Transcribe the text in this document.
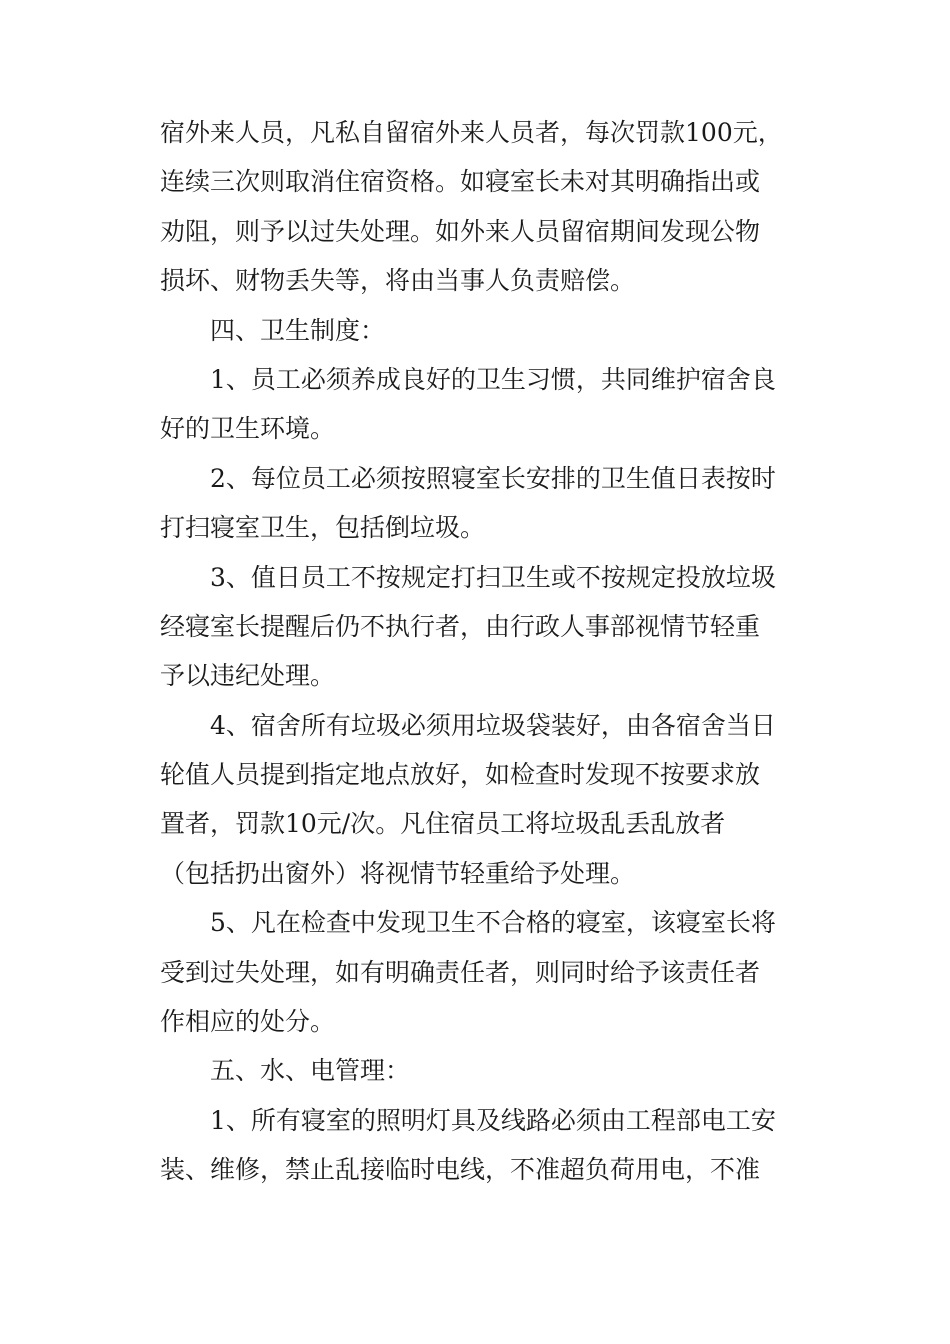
宿外来人员，凡私自留宿外来人员者，每次罚款100元，
连续三次则取消住宿资格。如寝室长未对其明确指出或
劝阻，则予以过失处理。如外来人员留宿期间发现公物
损坏、财物丢失等，将由当事人负责赔偿。
四、卫生制度：
1、员工必须养成良好的卫生习惯，共同维护宿舍良
好的卫生环境。
2、每位员工必须按照寝室长安排的卫生值日表按时
打扫寝室卫生，包括倒垃圾。
3、值日员工不按规定打扫卫生或不按规定投放垃圾
经寝室长提醒后仍不执行者，由行政人事部视情节轻重
予以违纪处理。
4、宿舍所有垃圾必须用垃圾袋装好，由各宿舍当日
轮值人员提到指定地点放好，如检查时发现不按要求放
置者，罚款10元/次。凡住宿员工将垃圾乱丢乱放者
（包括扔出窗外）将视情节轻重给予处理。
5、凡在检查中发现卫生不合格的寝室，该寝室长将
受到过失处理，如有明确责任者，则同时给予该责任者
作相应的处分。
五、水、电管理：
1、所有寝室的照明灯具及线路必须由工程部电工安
装、维修，禁止乱接临时电线，不准超负荷用电，不准
